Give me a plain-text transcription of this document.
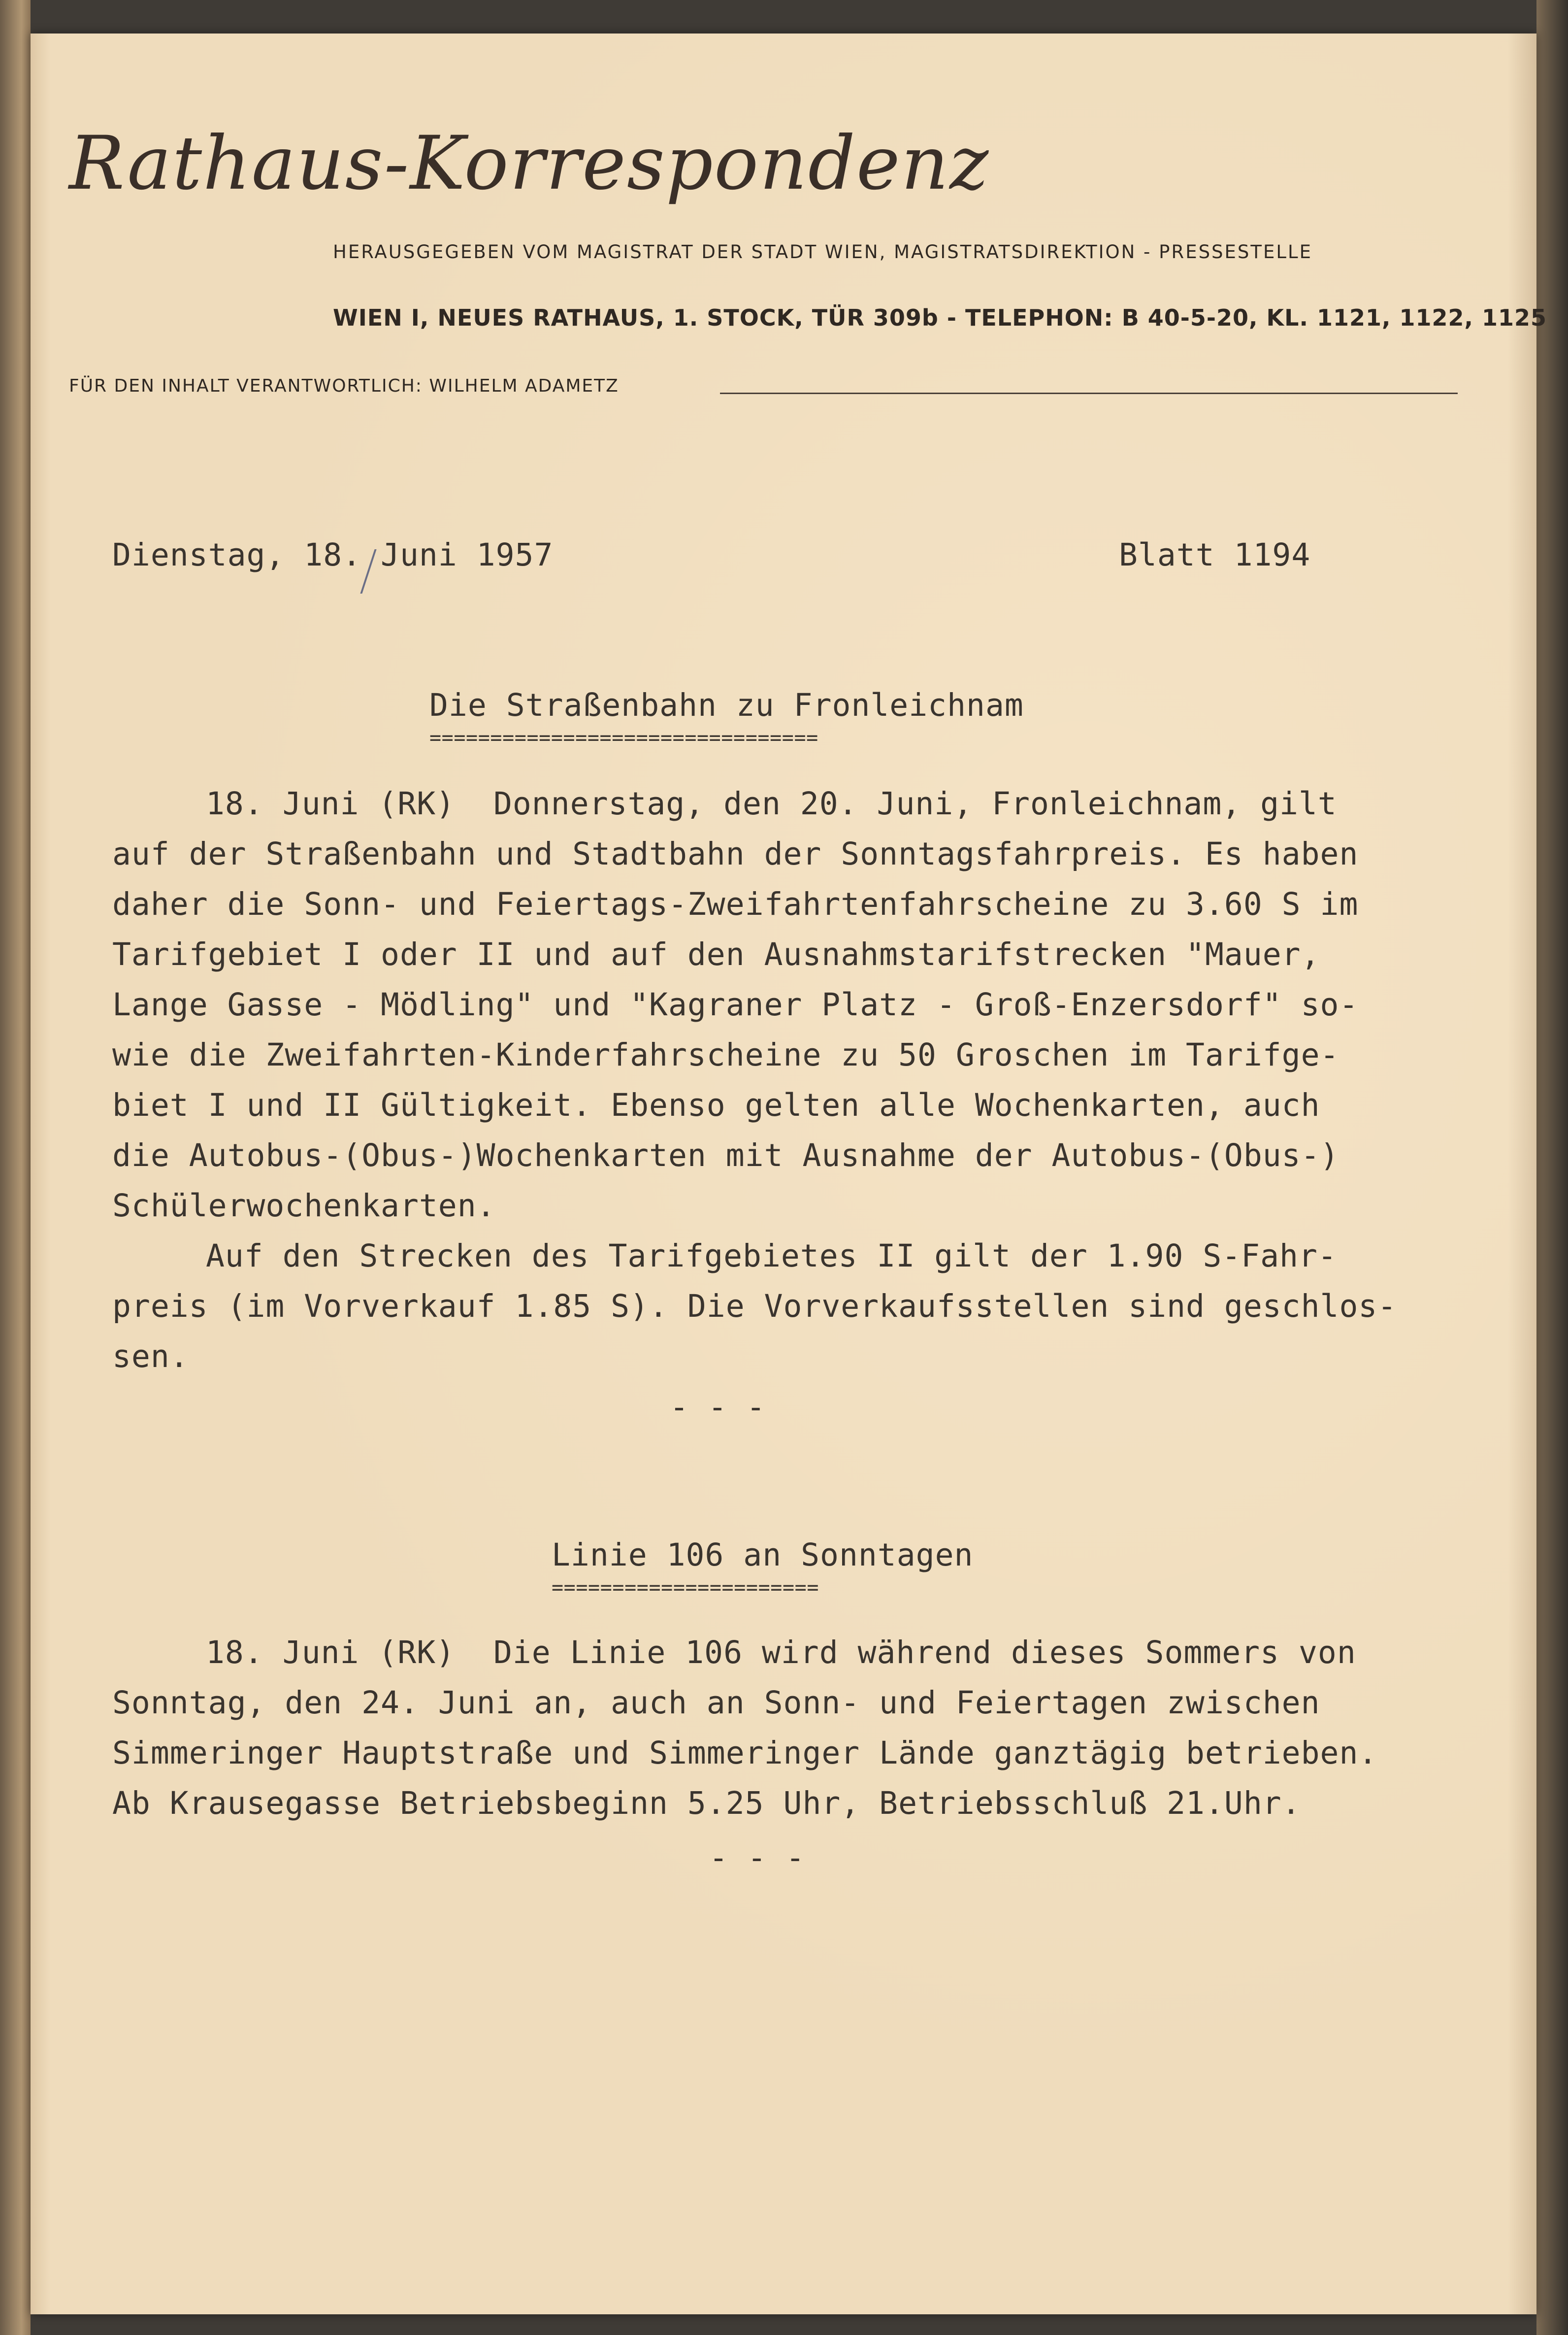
Rathaus-Korrespondenz
HERAUSGEGEBEN VOM MAGISTRAT DER STADT WIEN, MAGISTRATSDIREKTION - PRESSESTELLE
WIEN I, NEUES RATHAUS, 1. STOCK, TÜR 309b - TELEPHON: B 40-5-20, KL. 1121, 1122, 1125
FÜR DEN INHALT VERANTWORTLICH: WILHELM ADAMETZ
Dienstag, 18. Juni 1957	Blatt 1194
Die Straßenbahn zu Fronleichnam
================================
18. Juni (RK)  Donnerstag, den 20. Juni, Fronleichnam, gilt
auf der Straßenbahn und Stadtbahn der Sonntagsfahrpreis. Es haben
daher die Sonn- und Feiertags-Zweifahrtenfahrscheine zu 3.60 S im
Tarifgebiet I oder II und auf den Ausnahmstarifstrecken "Mauer,
Lange Gasse - Mödling" und "Kagraner Platz - Groß-Enzersdorf" so-
wie die Zweifahrten-Kinderfahrscheine zu 50 Groschen im Tarifge-
biet I und II Gültigkeit. Ebenso gelten alle Wochenkarten, auch
die Autobus-(Obus-)Wochenkarten mit Ausnahme der Autobus-(Obus-)
Schülerwochenkarten.
Auf den Strecken des Tarifgebietes II gilt der 1.90 S-Fahr-
preis (im Vorverkauf 1.85 S). Die Vorverkaufsstellen sind geschlos-
sen.
- - -
Linie 106 an Sonntagen
======================
18. Juni (RK)  Die Linie 106 wird während dieses Sommers von
Sonntag, den 24. Juni an, auch an Sonn- und Feiertagen zwischen
Simmeringer Hauptstraße und Simmeringer Lände ganztägig betrieben.
Ab Krausegasse Betriebsbeginn 5.25 Uhr, Betriebsschluß 21.Uhr.
- - -
